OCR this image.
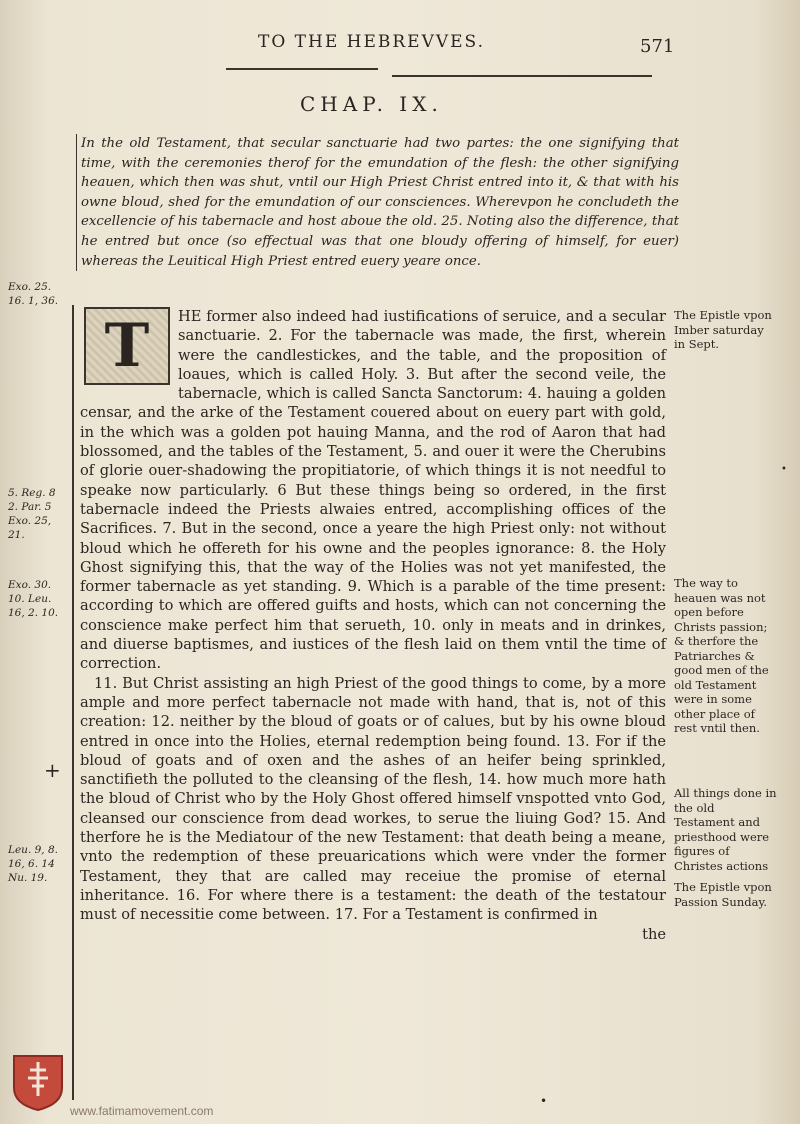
TO THE HEBREVVES.	571
CHAP. IX.
In the old Testament, that secular sanctuarie had two partes: the one signifying that time, with the ceremonies therof for the emundation of the flesh: the other signifying heauen, which then was shut, vntil our High Priest Christ entred into it, & that with his owne bloud, shed for the emundation of our consciences. Wherevpon he concludeth the excellencie of his tabernacle and host aboue the old. 25. Noting also the difference, that he entred but once (so effectual was that one bloudy offering of himself, for euer) whereas the Leuitical High Priest entred euery yeare once.
Exo. 25. 16. 1, 36.
5. Reg. 8 2. Par. 5 Exo. 25, 21.
Exo. 30. 10. Leu. 16, 2. 10.
Leu. 9, 8. 16, 6. 14 Nu. 19.
+
T	HE former also indeed had iustifications of seruice, and a secular sanctuarie. 2. For the tabernacle was made, the first, wherein were the candlestickes, and the table, and the proposition of loaues, which is called Holy. 3. But after the second veile, the tabernacle, which is called Sancta Sanctorum: 4. hauing a golden censar, and the arke of the Testament couered about on euery part with gold, in the which was a golden pot hauing Manna, and the rod of Aaron that had blossomed, and the tables of the Testament, 5. and ouer it were the Cherubins of glorie ouer-shadowing the propitiatorie, of which things it is not needful to speake now particularly. 6 But these things being so ordered, in the first tabernacle indeed the Priests alwaies entred, accomplishing offices of the Sacrifices. 7. But in the second, once a yeare the high Priest only: not without bloud which he offereth for his owne and the peoples ignorance: 8. the Holy Ghost signifying this, that the way of the Holies was not yet manifested, the former tabernacle as yet standing. 9. Which is a parable of the time present: according to which are offered guifts and hosts, which can not concerning the conscience make perfect him that serueth, 10. only in meats and in drinkes, and diuerse baptismes, and iustices of the flesh laid on them vntil the time of correction.

11. But Christ assisting an high Priest of the good things to come, by a more ample and more perfect tabernacle not made with hand, that is, not of this creation: 12. neither by the bloud of goats or of calues, but by his owne bloud entred in once into the Holies, eternal redemption being found. 13. For if the bloud of goats and of oxen and the ashes of an heifer being sprinkled, sanctifieth the polluted to the cleansing of the flesh, 14. how much more hath the bloud of Christ who by the Holy Ghost offered himself vnspotted vnto God, cleansed our conscience from dead workes, to serue the liuing God? 15. And therfore he is the Mediatour of the new Testament: that death being a meane, vnto the redemption of these preuarications which were vnder the former Testament, they that are called may receiue the promise of eternal inheritance. 16. For where there is a testament: the death of the testatour must of necessitie come between. 17. For a Testament is confirmed in

the

The Epistle vpon Imber saturday in Sept.
The way to heauen was not open before Christs passion; & therfore the Patriarches & good men of the old Testament were in some other place of rest vntil then.
All things done in the old Testament and priesthood were figures of Christes actions
The Epistle vpon Passion Sunday.
•
•
www.fatimamovement.com
